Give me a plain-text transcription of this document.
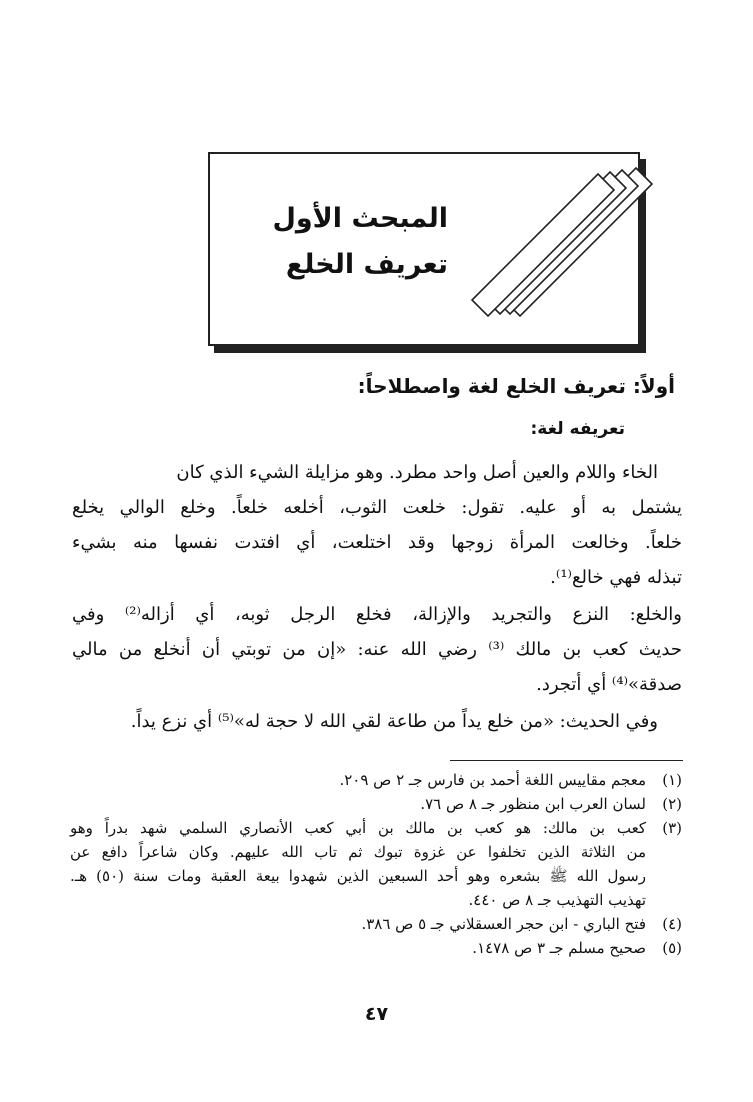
المبحث الأول
تعريف الخلع
أولاً: تعريف الخلع لغة واصطلاحاً:
تعريفه لغة:
الخاء واللام والعين أصل واحد مطرد. وهو مزايلة الشيء الذي كان
يشتمل به أو عليه. تقول: خلعت الثوب، أخلعه خلعاً. وخلع الوالي يخلع
خلعاً. وخالعت المرأة زوجها وقد اختلعت، أي افتدت نفسها منه بشيء
تبذله فهي خالع⁽¹⁾.
والخلع: النزع والتجريد والإزالة، فخلع الرجل ثوبه، أي أزاله⁽²⁾ وفي
حديث كعب بن مالك ⁽³⁾ رضي الله عنه: «إن من توبتي أن أنخلع من مالي
صدقة»⁽⁴⁾ أي أتجرد.
وفي الحديث: «من خلع يداً من طاعة لقي الله لا حجة له»⁽⁵⁾ أي نزع يداً.
(١)
معجم مقاييس اللغة أحمد بن فارس جـ ٢ ص ٢٠٩.
(٢)
لسان العرب ابن منظور جـ ٨ ص ٧٦.
(٣)
كعب بن مالك: هو كعب بن مالك بن أبي كعب الأنصاري السلمي شهد بدراً وهو
من الثلاثة الذين تخلفوا عن غزوة تبوك ثم تاب الله عليهم. وكان شاعراً دافع عن
رسول الله ﷺ بشعره وهو أحد السبعين الذين شهدوا بيعة العقبة ومات سنة (٥٠) هـ.
تهذيب التهذيب جـ ٨ ص ٤٤٠.
(٤)
فتح الباري - ابن حجر العسقلاني جـ ٥ ص ٣٨٦.
(٥)
صحيح مسلم جـ ٣ ص ١٤٧٨.
٤٧
